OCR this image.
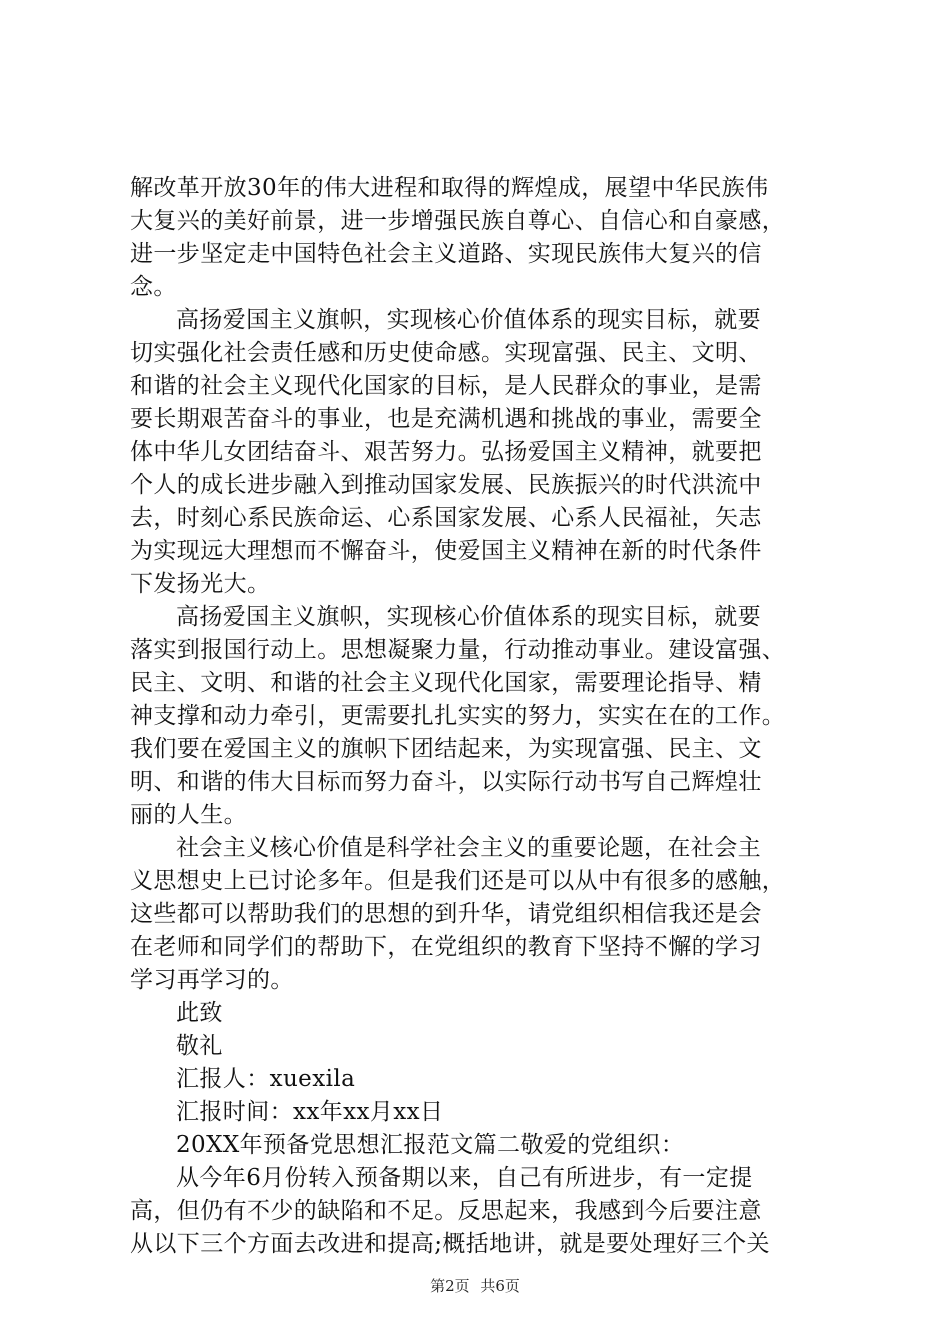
解改革开放30年的伟大进程和取得的辉煌成，展望中华民族伟
大复兴的美好前景，进一步增强民族自尊心、自信心和自豪感，
进一步坚定走中国特色社会主义道路、实现民族伟大复兴的信
念。
高扬爱国主义旗帜，实现核心价值体系的现实目标，就要
切实强化社会责任感和历史使命感。实现富强、民主、文明、
和谐的社会主义现代化国家的目标，是人民群众的事业，是需
要长期艰苦奋斗的事业，也是充满机遇和挑战的事业，需要全
体中华儿女团结奋斗、艰苦努力。弘扬爱国主义精神，就要把
个人的成长进步融入到推动国家发展、民族振兴的时代洪流中
去，时刻心系民族命运、心系国家发展、心系人民福祉，矢志
为实现远大理想而不懈奋斗，使爱国主义精神在新的时代条件
下发扬光大。
高扬爱国主义旗帜，实现核心价值体系的现实目标，就要
落实到报国行动上。思想凝聚力量，行动推动事业。建设富强、
民主、文明、和谐的社会主义现代化国家，需要理论指导、精
神支撑和动力牵引，更需要扎扎实实的努力，实实在在的工作。
我们要在爱国主义的旗帜下团结起来，为实现富强、民主、文
明、和谐的伟大目标而努力奋斗，以实际行动书写自己辉煌壮
丽的人生。
社会主义核心价值是科学社会主义的重要论题，在社会主
义思想史上已讨论多年。但是我们还是可以从中有很多的感触，
这些都可以帮助我们的思想的到升华，请党组织相信我还是会
在老师和同学们的帮助下，在党组织的教育下坚持不懈的学习
学习再学习的。
此致
敬礼
汇报人：xuexila
汇报时间：xx年xx月xx日
20XX年预备党思想汇报范文篇二敬爱的党组织：
从今年6月份转入预备期以来，自己有所进步，有一定提
高，但仍有不少的缺陷和不足。反思起来，我感到今后要注意
从以下三个方面去改进和提高;概括地讲，就是要处理好三个关
第2页 共6页
